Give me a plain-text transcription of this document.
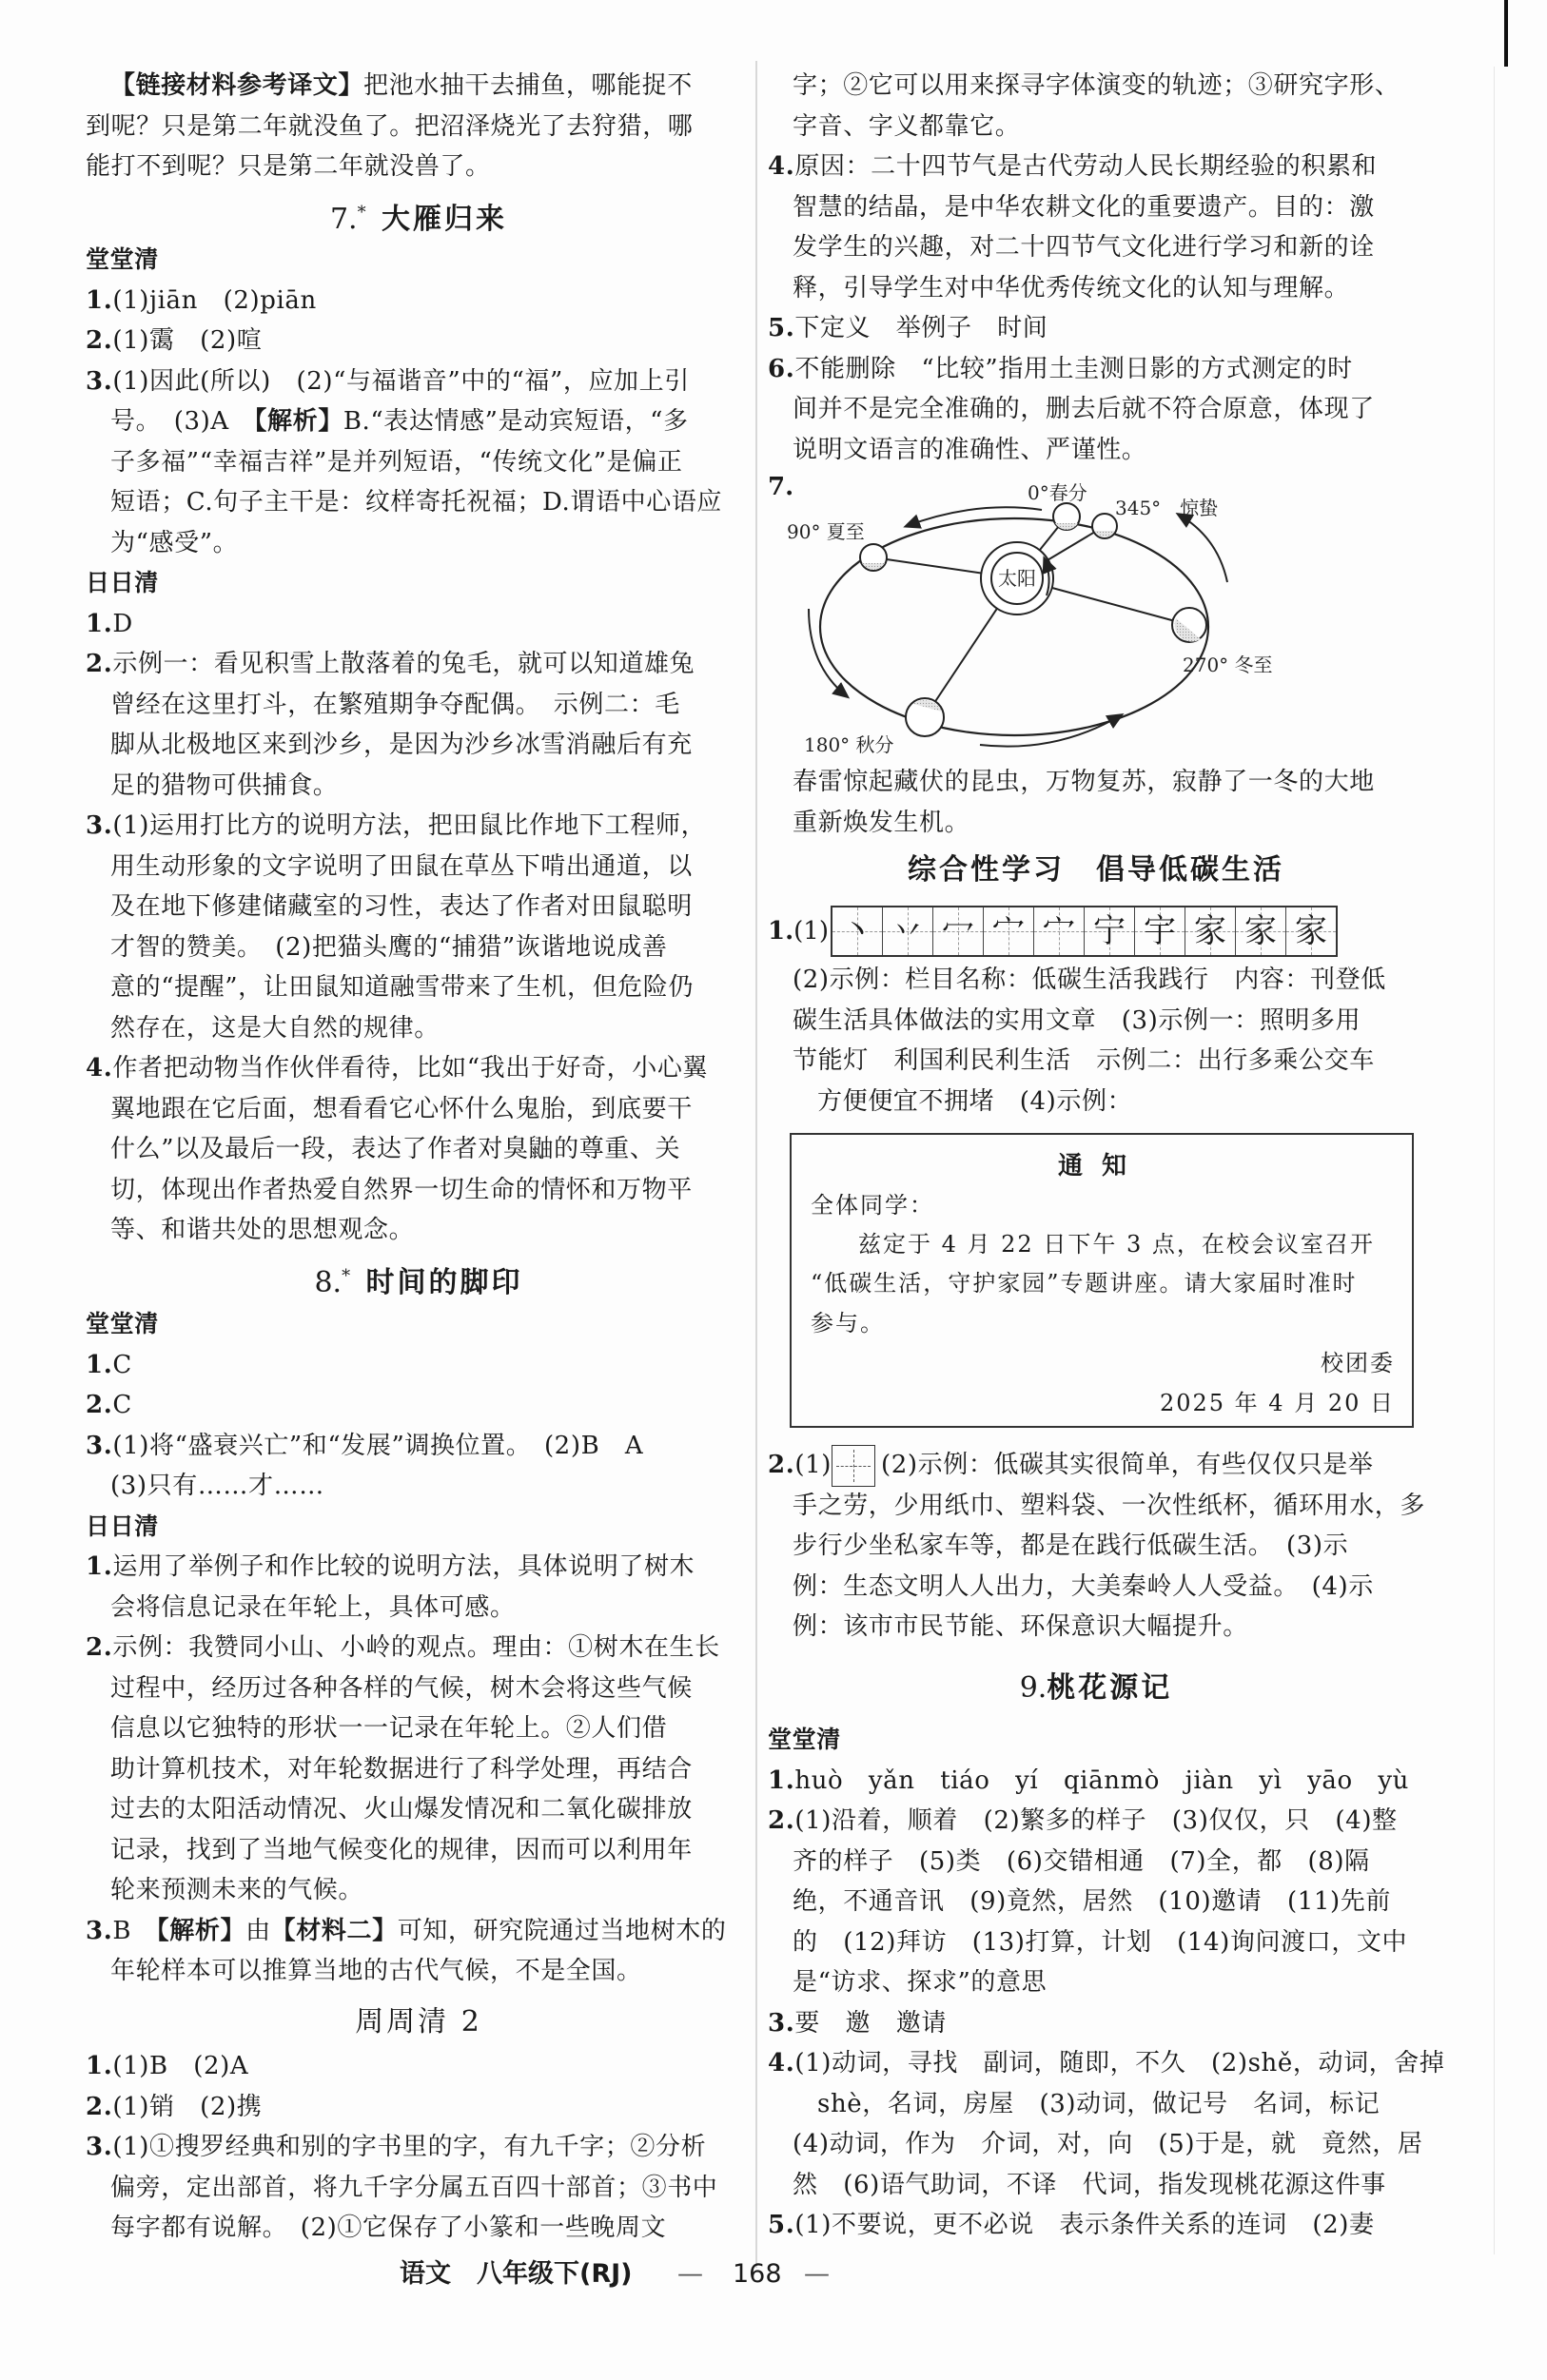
【链接材料参考译文】把池水抽干去捕鱼，哪能捉不
到呢？只是第二年就没鱼了。把沼泽烧光了去狩猎，哪
能打不到呢？只是第二年就没兽了。
7.* 大雁归来
堂堂清
1.(1)jiān　(2)piān
2.(1)霭　(2)喧
3.(1)因此(所以)　(2)“与福谐音”中的“福”，应加上引
号。　(3)A　【解析】B.“表达情感”是动宾短语，“多
子多福”“幸福吉祥”是并列短语，“传统文化”是偏正
短语；C.句子主干是：纹样寄托祝福；D.谓语中心语应
为“感受”。
日日清
1.D
2.示例一：看见积雪上散落着的兔毛，就可以知道雄兔
曾经在这里打斗，在繁殖期争夺配偶。　示例二：毛
脚从北极地区来到沙乡，是因为沙乡冰雪消融后有充
足的猎物可供捕食。
3.(1)运用打比方的说明方法，把田鼠比作地下工程师，
用生动形象的文字说明了田鼠在草丛下啃出通道，以
及在地下修建储藏室的习性，表达了作者对田鼠聪明
才智的赞美。　(2)把猫头鹰的“捕猎”诙谐地说成善
意的“提醒”，让田鼠知道融雪带来了生机，但危险仍
然存在，这是大自然的规律。
4.作者把动物当作伙伴看待，比如“我出于好奇，小心翼
翼地跟在它后面，想看看它心怀什么鬼胎，到底要干
什么”以及最后一段，表达了作者对臭鼬的尊重、关
切，体现出作者热爱自然界一切生命的情怀和万物平
等、和谐共处的思想观念。
8.* 时间的脚印
堂堂清
1.C
2.C
3.(1)将“盛衰兴亡”和“发展”调换位置。　(2)B　A
(3)只有……才……
日日清
1.运用了举例子和作比较的说明方法，具体说明了树木
会将信息记录在年轮上，具体可感。
2.示例：我赞同小山、小岭的观点。理由：①树木在生长
过程中，经历过各种各样的气候，树木会将这些气候
信息以它独特的形状一一记录在年轮上。②人们借
助计算机技术，对年轮数据进行了科学处理，再结合
过去的太阳活动情况、火山爆发情况和二氧化碳排放
记录，找到了当地气候变化的规律，因而可以利用年
轮来预测未来的气候。
3.B　【解析】由【材料二】可知，研究院通过当地树木的
年轮样本可以推算当地的古代气候，不是全国。
周周清 2
1.(1)B　(2)A
2.(1)销　(2)携
3.(1)①搜罗经典和别的字书里的字，有九千字；②分析
偏旁，定出部首，将九千字分属五百四十部首；③书中
每字都有说解。　(2)①它保存了小篆和一些晚周文
字；②它可以用来探寻字体演变的轨迹；③研究字形、
字音、字义都靠它。
4.原因：二十四节气是古代劳动人民长期经验的积累和
智慧的结晶，是中华农耕文化的重要遗产。目的：激
发学生的兴趣，对二十四节气文化进行学习和新的诠
释，引导学生对中华优秀传统文化的认知与理解。
5.下定义　举例子　时间
6.不能删除　“比较”指用土圭测日影的方式测定的时
间并不是完全准确的，删去后就不符合原意，体现了
说明文语言的准确性、严谨性。
7.
太阳
0°春分
345°　惊蛰
90° 夏至
270° 冬至
180° 秋分
春雷惊起藏伏的昆虫，万物复苏，寂静了一冬的大地
重新焕发生机。
综合性学习　倡导低碳生活
1. (1) 丶 丷 冖 宀 宀 宁 宇 家 家 家
(2)示例：栏目名称：低碳生活我践行　内容：刊登低
碳生活具体做法的实用文章　(3)示例一：照明多用
节能灯　利国利民利生活　示例二：出行多乘公交车
方便便宜不拥堵　(4)示例：
通知
全体同学：
兹定于 4 月 22 日下午 3 点，在校会议室召开
“低碳生活，守护家园”专题讲座。请大家届时准时
参与。
校团委
2025 年 4 月 20 日
2.(1) (2)示例：低碳其实很简单，有些仅仅只是举
手之劳，少用纸巾、塑料袋、一次性纸杯，循环用水，多
步行少坐私家车等，都是在践行低碳生活。　(3)示
例：生态文明人人出力，大美秦岭人人受益。　(4)示
例：该市市民节能、环保意识大幅提升。
9.桃花源记
堂堂清
1.huò　yǎn　tiáo　yí　qiānmò　jiàn　yì　yāo　yù
2.(1)沿着，顺着　(2)繁多的样子　(3)仅仅，只　(4)整
齐的样子　(5)类　(6)交错相通　(7)全，都　(8)隔
绝，不通音讯　(9)竟然，居然　(10)邀请　(11)先前
的　(12)拜访　(13)打算，计划　(14)询问渡口，文中
是“访求、探求”的意思
3.要　邀　邀请
4.(1)动词，寻找　副词，随即，不久　(2)shě，动词，舍掉
shè，名词，房屋　(3)动词，做记号　名词，标记
(4)动词，作为　介词，对，向　(5)于是，就　竟然，居
然　(6)语气助词，不译　代词，指发现桃花源这件事
5.(1)不要说，更不必说　表示条件关系的连词　(2)妻
语文　八年级下(RJ) — 168 —
